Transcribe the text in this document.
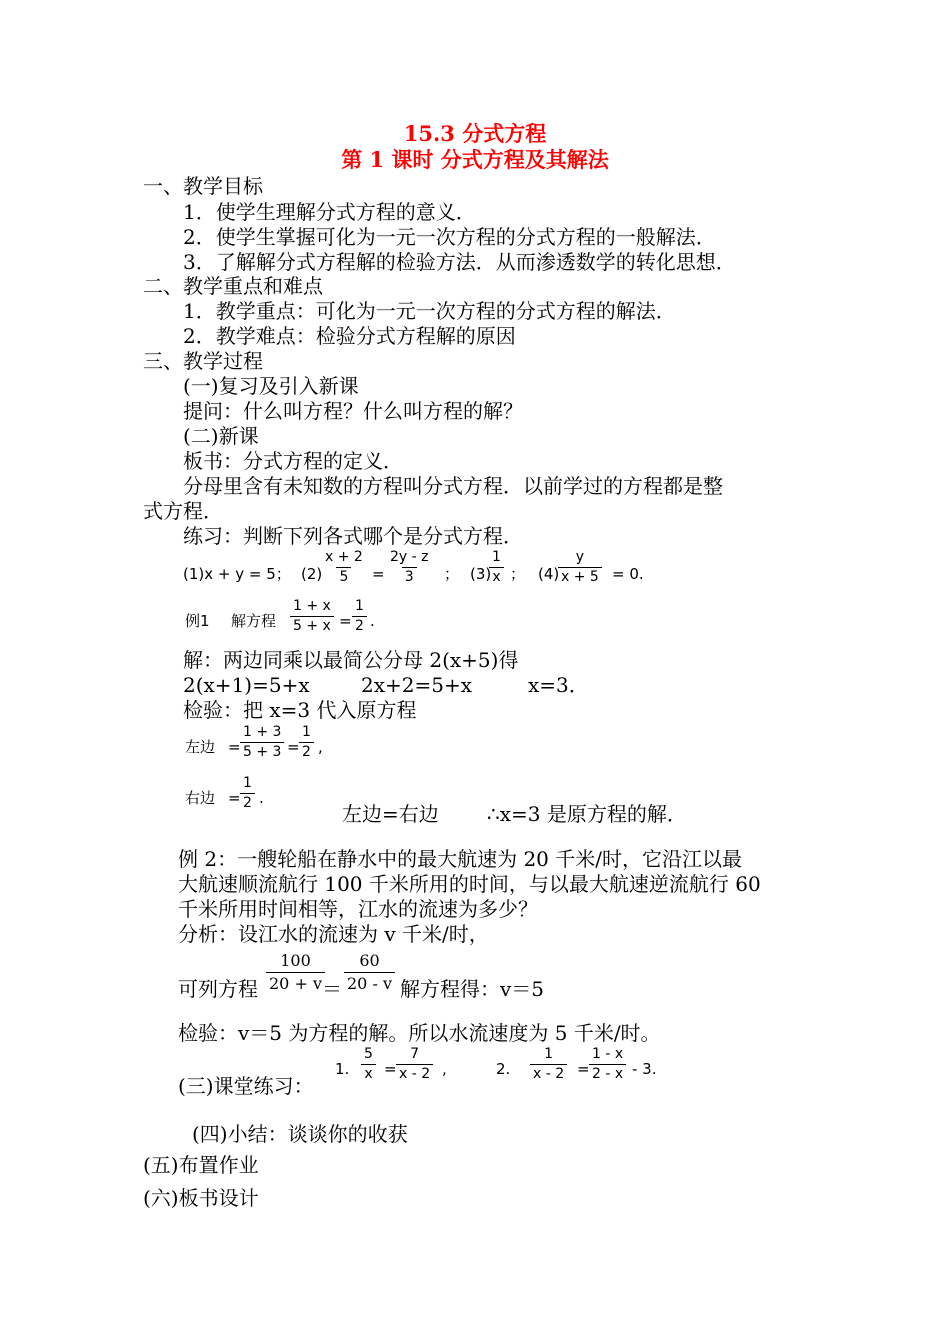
15.3 分式方程
第 1 课时 分式方程及其解法
一、教学目标
1．使学生理解分式方程的意义．
2．使学生掌握可化为一元一次方程的分式方程的一般解法．
3．了解解分式方程解的检验方法．从而渗透数学的转化思想．
二、教学重点和难点
1．教学重点：可化为一元一次方程的分式方程的解法．
2．教学难点：检验分式方程解的原因
三、教学过程
(一)复习及引入新课
提问：什么叫方程？什么叫方程的解？
(二)新课
板书：分式方程的定义．
分母里含有未知数的方程叫分式方程．以前学过的方程都是整
式方程．
练习：判断下列各式哪个是分式方程．
(1)x + y = 5； $(2) \frac{x + 2}{5} = \frac{2y - z}{3}$ ； (3)
$\frac{1}{x}$ ； (4)
$\frac{y}{x + 5} = 0$.
例1 解方程 $\frac{1 + x}{5 + x} = \frac{1}{2}$ .
解：两边同乘以最简公分母 2(x+5)得
2(x+1)=5+x	2x+2=5+x	x=3．
检验：把 x=3 代入原方程
左边 = $\frac{1 + 3}{5 + 3} = \frac{1}{2}$ ,
右边 = $\frac{1}{2}$ .
左边=右边 ∴x=3 是原方程的解．
例 2：一艘轮船在静水中的最大航速为 20 千米/时，它沿江以最
大航速顺流航行 100 千米所用的时间，与以最大航速逆流航行 60
千米所用时间相等，江水的流速为多少？
分析：设江水的流速为 v 千米/时，
可列方程 $\frac{100}{20 + v}$
＝ $\frac{60}{20 - v}$ 解方程得：v＝5
检验：v＝5 为方程的解。所以水流速度为 5 千米/时。
(三)课堂练习：
1. $\frac{5}{x} = \frac{7}{x - 2}$ ,	2. $\frac{1}{x - 2} = \frac{1 - x}{2 - x} - 3$.
(四)小结：谈谈你的收获
(五)布置作业
(六)板书设计
